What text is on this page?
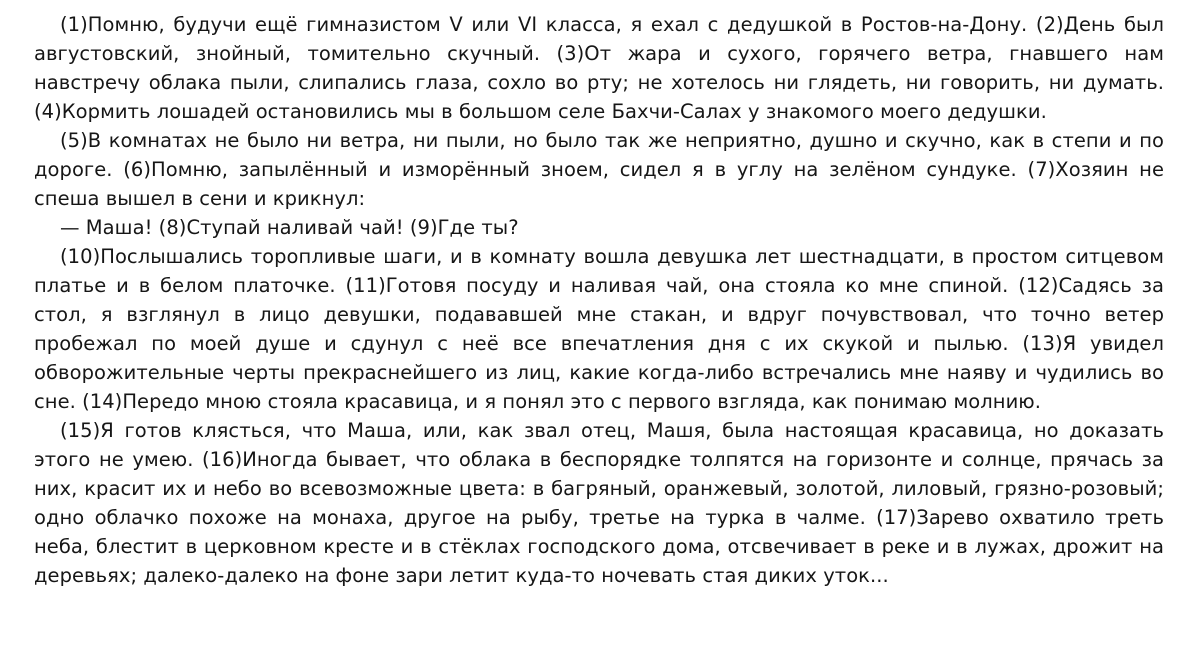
(1)Помню, будучи ещё гимназистом V или VI класса, я ехал с дедушкой в Ростов-на-Дону. (2)День был августовский, знойный, томительно скучный. (3)От жара и сухого, горячего ветра, гнавшего нам навстречу облака пыли, слипались глаза, сохло во рту; не хотелось ни глядеть, ни говорить, ни думать. (4)Кормить лошадей остановились мы в большом селе Бахчи-Салах у знакомого моего дедушки.

(5)В комнатах не было ни ветра, ни пыли, но было так же неприятно, душно и скучно, как в степи и по дороге. (6)Помню, запылённый и изморённый зноем, сидел я в углу на зелёном сундуке. (7)Хозяин не спеша вышел в сени и крикнул:

— Маша! (8)Ступай наливай чай! (9)Где ты?

(10)Послышались торопливые шаги, и в комнату вошла девушка лет шестнадцати, в простом ситцевом платье и в белом платочке. (11)Готовя посуду и наливая чай, она стояла ко мне спиной. (12)Садясь за стол, я взглянул в лицо девушки, подававшей мне стакан, и вдруг почувствовал, что точно ветер пробежал по моей душе и сдунул с неё все впечатления дня с их скукой и пылью. (13)Я увидел обворожительные черты прекраснейшего из лиц, какие когда-либо встречались мне наяву и чудились во сне. (14)Передо мною стояла красавица, и я понял это с первого взгляда, как понимаю молнию.

(15)Я готов клясться, что Маша, или, как звал отец, Машя, была настоящая красавица, но доказать этого не умею. (16)Иногда бывает, что облака в беспорядке толпятся на горизонте и солнце, прячась за них, красит их и небо во всевозможные цвета: в багряный, оранжевый, золотой, лиловый, грязно-розовый; одно облачко похоже на монаха, другое на рыбу, третье на турка в чалме. (17)Зарево охватило треть неба, блестит в церковном кресте и в стёклах господского дома, отсвечивает в реке и в лужах, дрожит на деревьях; далеко-далеко на фоне зари летит куда-то ночевать стая диких уток...
